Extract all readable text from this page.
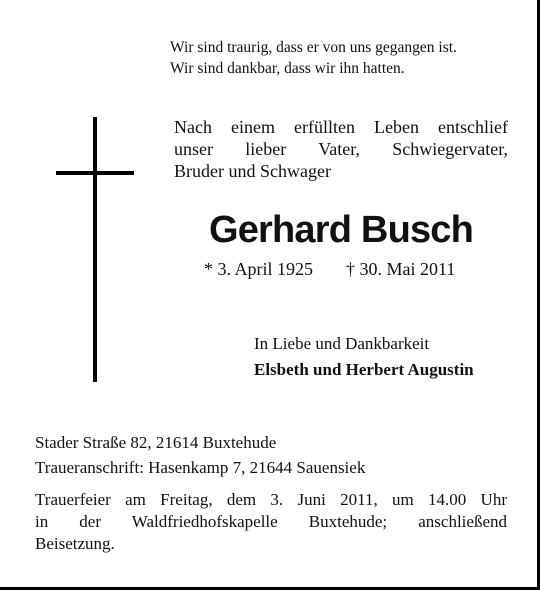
Wir sind traurig, dass er von uns gegangen ist.
Wir sind dankbar, dass wir ihn hatten.
Nach einem erfüllten Leben entschlief
unser lieber Vater, Schwiegervater,
Bruder und Schwager
Gerhard Busch
* 3. April 1925 † 30. Mai 2011
In Liebe und Dankbarkeit
Elsbeth und Herbert Augustin
Stader Straße 82, 21614 Buxtehude
Traueranschrift: Hasenkamp 7, 21644 Sauensiek
Trauerfeier am Freitag, dem 3. Juni 2011, um 14.00 Uhr
in der Waldfriedhofskapelle Buxtehude; anschließend
Beisetzung.
